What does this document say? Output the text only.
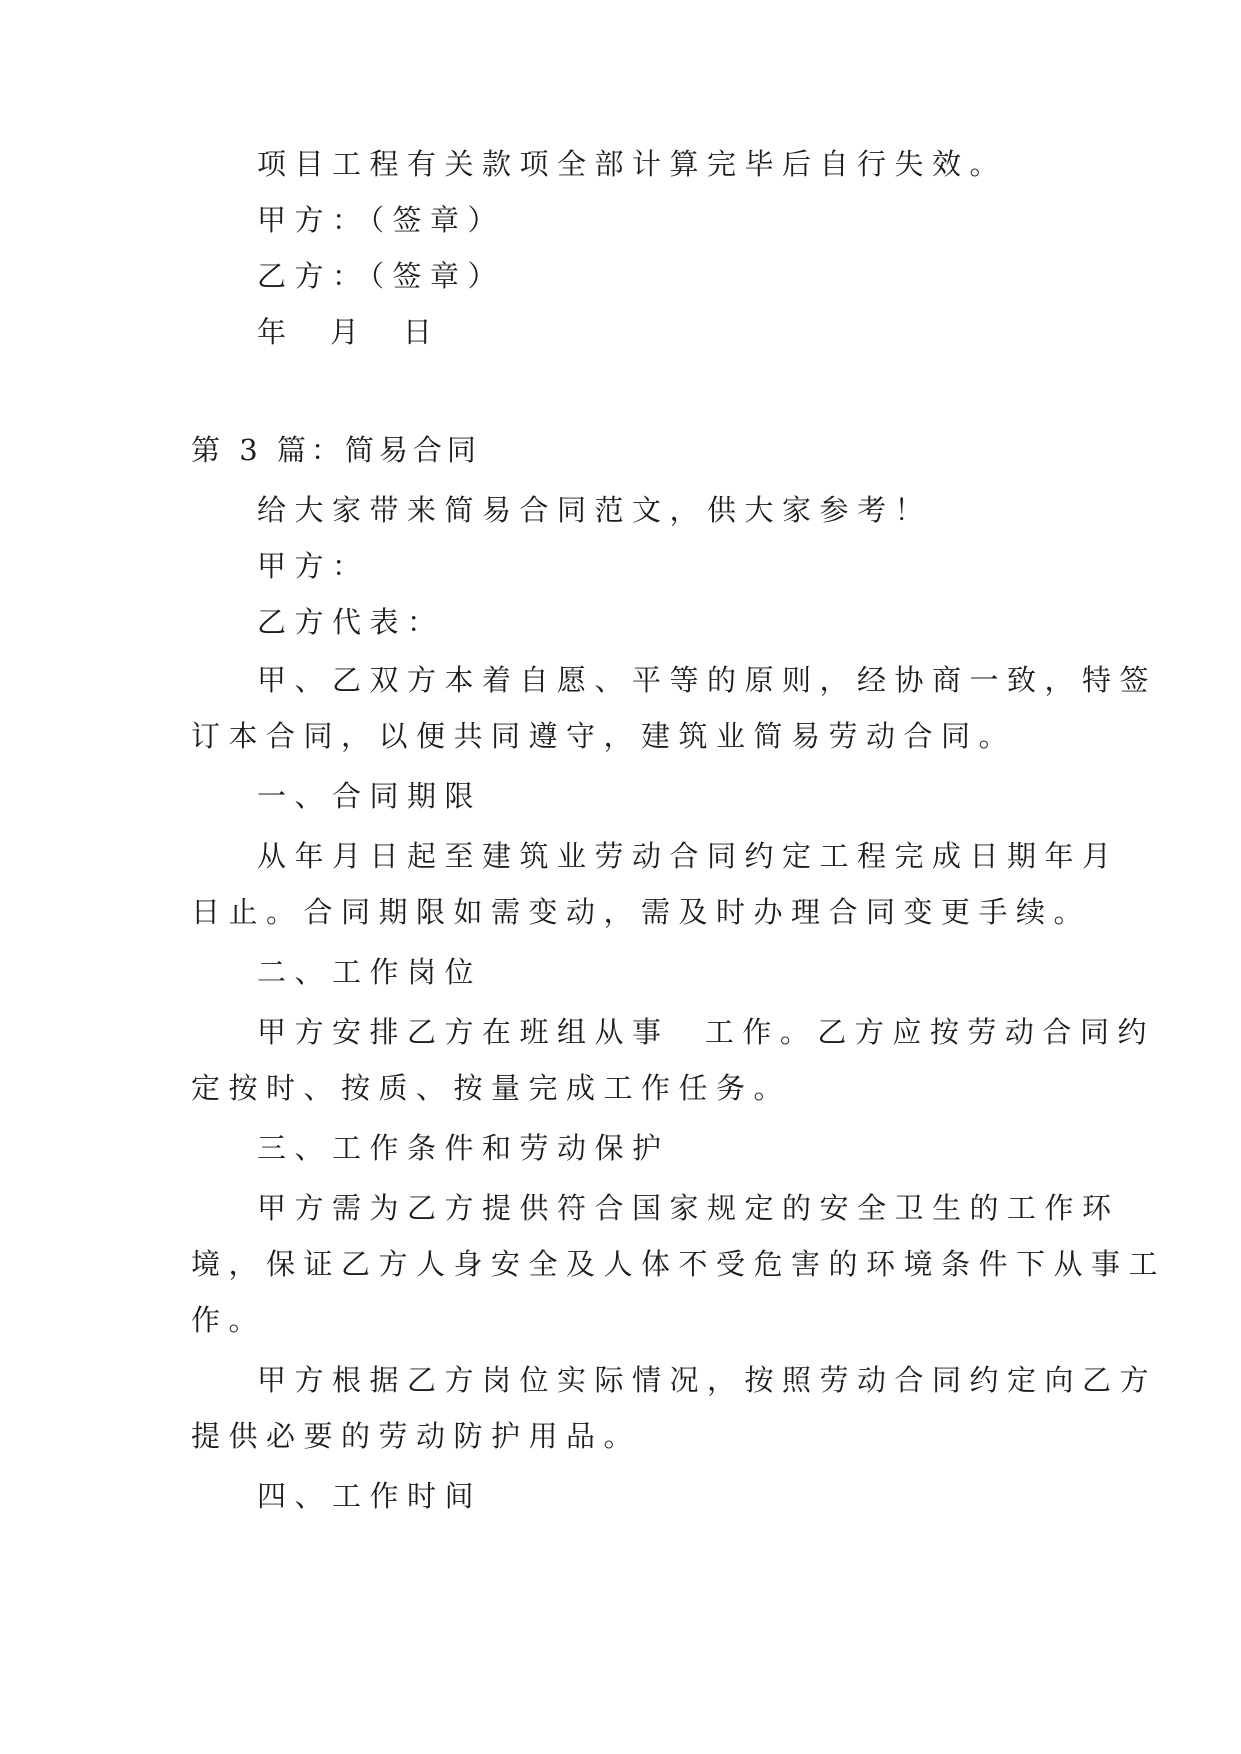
项目工程有关款项全部计算完毕后自行失效。
甲方：（签章）
乙方：（签章）
年  月  日
第 3 篇：简易合同
给大家带来简易合同范文，供大家参考！
甲方：
乙方代表：
甲、乙双方本着自愿、平等的原则，经协商一致，特签
订本合同，以便共同遵守，建筑业简易劳动合同。
一、合同期限
从年月日起至建筑业劳动合同约定工程完成日期年月
日止。合同期限如需变动，需及时办理合同变更手续。
二、工作岗位
甲方安排乙方在班组从事  工作。乙方应按劳动合同约
定按时、按质、按量完成工作任务。
三、工作条件和劳动保护
甲方需为乙方提供符合国家规定的安全卫生的工作环
境，保证乙方人身安全及人体不受危害的环境条件下从事工
作。
甲方根据乙方岗位实际情况，按照劳动合同约定向乙方
提供必要的劳动防护用品。
四、工作时间
